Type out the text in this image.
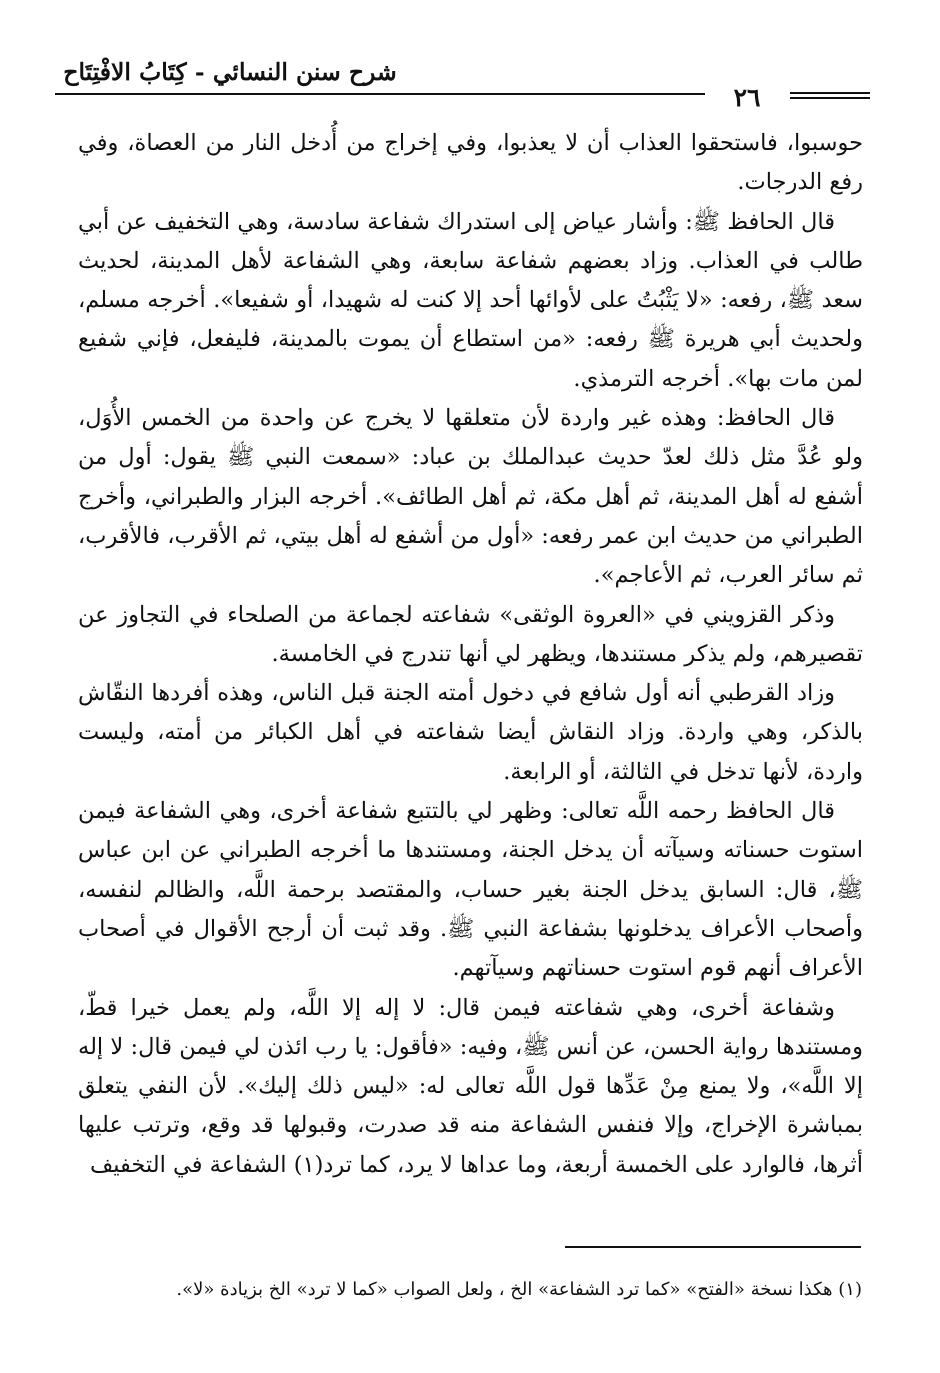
شرح سنن النسائي - كِتَابُ الافْتِتَاح
٢٦

حوسبوا، فاستحقوا العذاب أن لا يعذبوا، وفي إخراج من أُدخل النار من العصاة، وفي رفع الدرجات.

قال الحافظ ﷺ: وأشار عياض إلى استدراك شفاعة سادسة، وهي التخفيف عن أبي طالب في العذاب. وزاد بعضهم شفاعة سابعة، وهي الشفاعة لأهل المدينة، لحديث سعد ﷺ، رفعه: «لا يَثْبُتُ على لأوائها أحد إلا كنت له شهيدا، أو شفيعا». أخرجه مسلم، ولحديث أبي هريرة ﷺ رفعه: «من استطاع أن يموت بالمدينة، فليفعل، فإني شفيع لمن مات بها». أخرجه الترمذي.

قال الحافظ: وهذه غير واردة لأن متعلقها لا يخرج عن واحدة من الخمس الأُوَل، ولو عُدَّ مثل ذلك لعدّ حديث عبدالملك بن عباد: «سمعت النبي ﷺ يقول: أول من أشفع له أهل المدينة، ثم أهل مكة، ثم أهل الطائف». أخرجه البزار والطبراني، وأخرج الطبراني من حديث ابن عمر رفعه: «أول من أشفع له أهل بيتي، ثم الأقرب، فالأقرب، ثم سائر العرب، ثم الأعاجم».

وذكر القزويني في «العروة الوثقى» شفاعته لجماعة من الصلحاء في التجاوز عن تقصيرهم، ولم يذكر مستندها، ويظهر لي أنها تندرج في الخامسة.

وزاد القرطبي أنه أول شافع في دخول أمته الجنة قبل الناس، وهذه أفردها النقّاش بالذكر، وهي واردة. وزاد النقاش أيضا شفاعته في أهل الكبائر من أمته، وليست واردة، لأنها تدخل في الثالثة، أو الرابعة.

قال الحافظ رحمه اللَّه تعالى: وظهر لي بالتتبع شفاعة أخرى، وهي الشفاعة فيمن استوت حسناته وسيآته أن يدخل الجنة، ومستندها ما أخرجه الطبراني عن ابن عباس ﷺ، قال: السابق يدخل الجنة بغير حساب، والمقتصد برحمة اللَّه، والظالم لنفسه، وأصحاب الأعراف يدخلونها بشفاعة النبي ﷺ. وقد ثبت أن أرجح الأقوال في أصحاب الأعراف أنهم قوم استوت حسناتهم وسيآتهم.

وشفاعة أخرى، وهي شفاعته فيمن قال: لا إله إلا اللَّه، ولم يعمل خيرا قطّ، ومستندها رواية الحسن، عن أنس ﷺ، وفيه: «فأقول: يا رب ائذن لي فيمن قال: لا إله إلا اللَّه»، ولا يمنع مِنْ عَدِّها قول اللَّه تعالى له: «ليس ذلك إليك». لأن النفي يتعلق بمباشرة الإخراج، وإلا فنفس الشفاعة منه قد صدرت، وقبولها قد وقع، وترتب عليها أثرها، فالوارد على الخمسة أربعة، وما عداها لا يرد، كما ترد(١) الشفاعة في التخفيف

(١) هكذا نسخة «الفتح» «كما ترد الشفاعة» الخ ، ولعل الصواب «كما لا ترد» الخ بزيادة «لا».
